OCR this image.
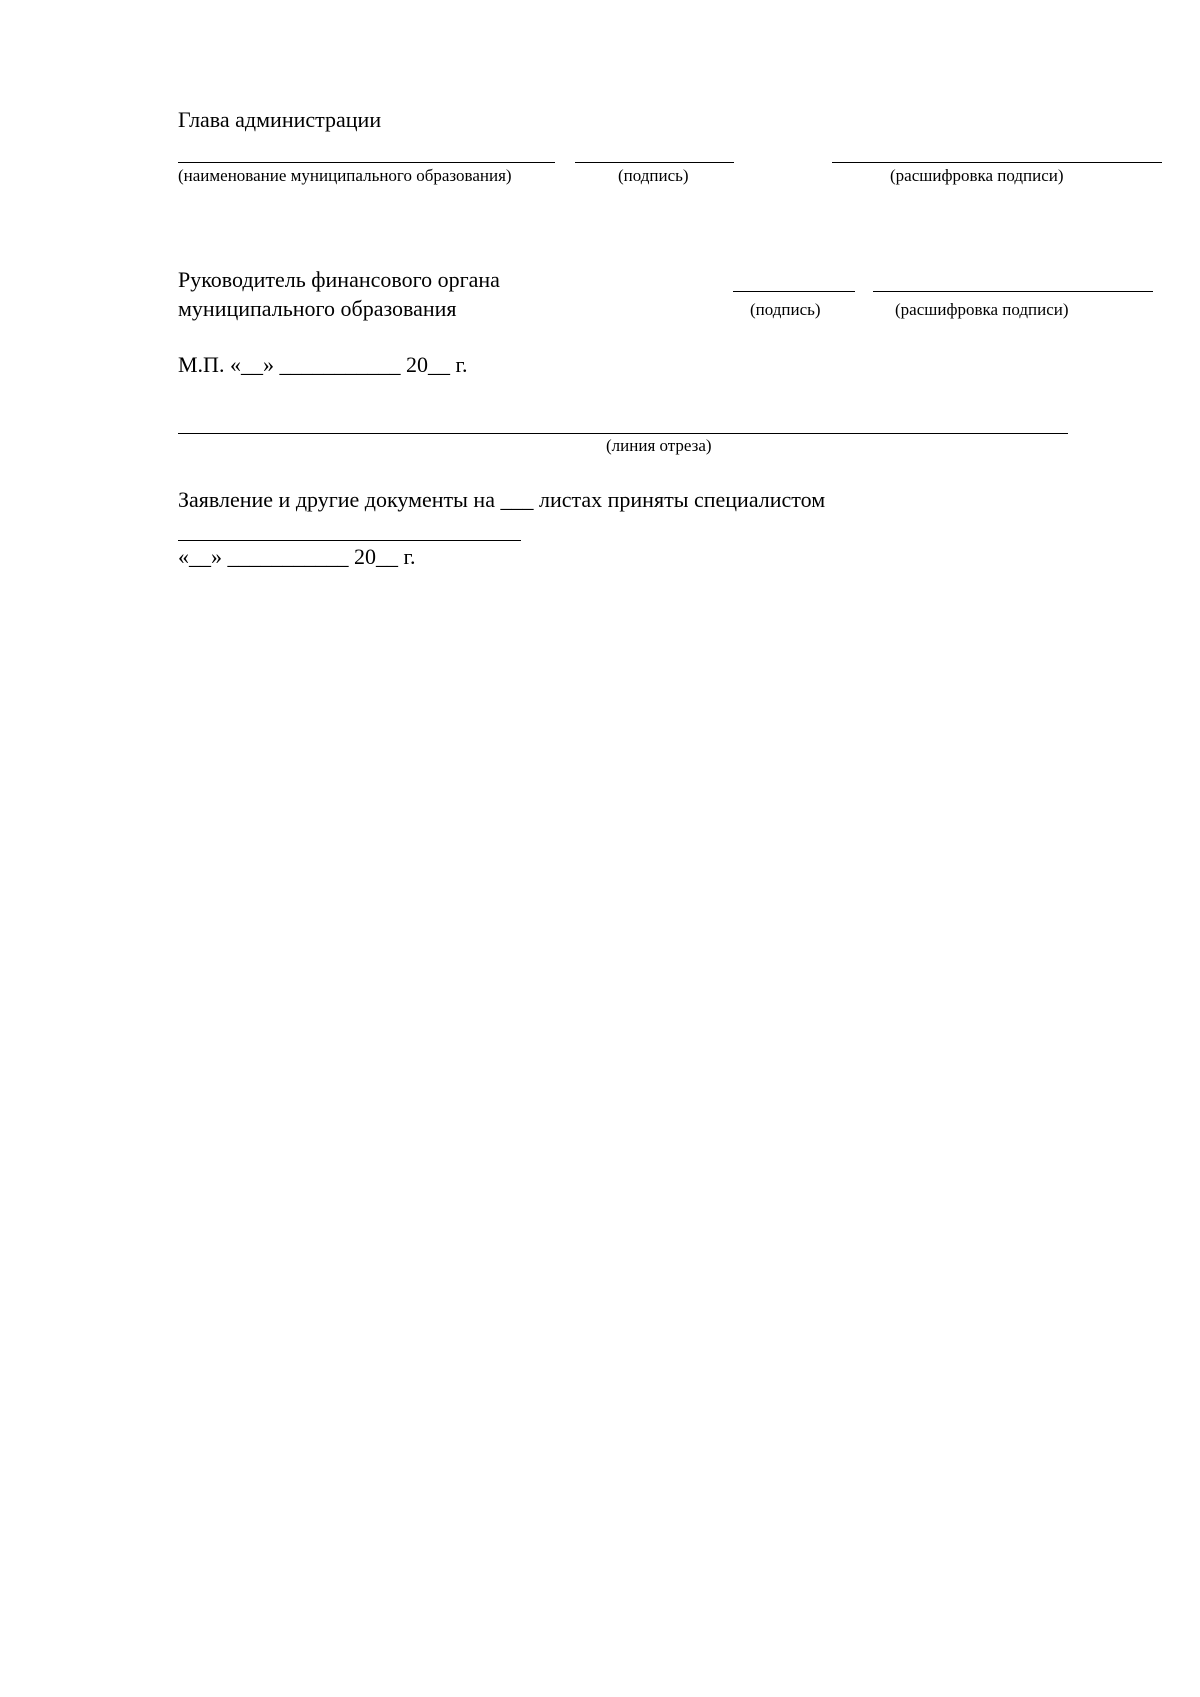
Глава администрации
(наименование муниципального образования)	(подпись)	(расшифровка подписи)
Руководитель финансового органа
муниципального образования	(подпись)	(расшифровка подписи)
М.П. «__» ___________ 20__ г.
(линия отреза)
Заявление и другие документы на ___ листах приняты специалистом
«__» ___________ 20__ г.
